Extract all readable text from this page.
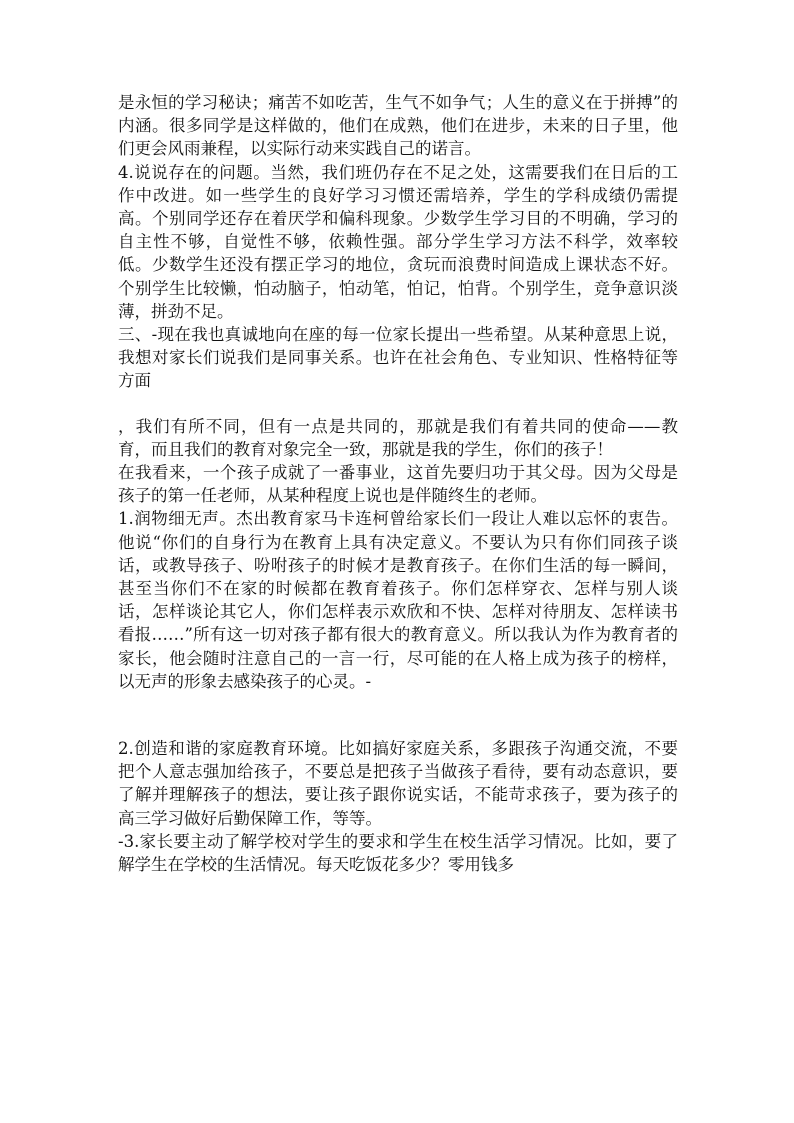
是永恒的学习秘诀；痛苦不如吃苦，生气不如争气；人生的意义在于拼搏”的内涵。很多同学是这样做的，他们在成熟，他们在进步，未来的日子里，他们更会风雨兼程，以实际行动来实践自己的诺言。

4.说说存在的问题。当然，我们班仍存在不足之处，这需要我们在日后的工作中改进。如一些学生的良好学习习惯还需培养，学生的学科成绩仍需提高。个别同学还存在着厌学和偏科现象。少数学生学习目的不明确，学习的自主性不够，自觉性不够，依赖性强。部分学生学习方法不科学，效率较低。少数学生还没有摆正学习的地位，贪玩而浪费时间造成上课状态不好。个别学生比较懒，怕动脑子，怕动笔，怕记，怕背。个别学生，竞争意识淡薄，拼劲不足。

三、-现在我也真诚地向在座的每一位家长提出一些希望。从某种意思上说， 我想对家长们说我们是同事关系。也许在社会角色、专业知识、性格特征等方面

，我们有所不同，但有一点是共同的，那就是我们有着共同的使命——教育，而且我们的教育对象完全一致，那就是我的学生，你们的孩子！

在我看来，一个孩子成就了一番事业，这首先要归功于其父母。因为父母是孩子的第一任老师，从某种程度上说也是伴随终生的老师。

1.润物细无声。杰出教育家马卡连柯曾给家长们一段让人难以忘怀的衷告。他说“你们的自身行为在教育上具有决定意义。不要认为只有你们同孩子谈话，或教导孩子、吩咐孩子的时候才是教育孩子。在你们生活的每一瞬间，甚至当你们不在家的时候都在教育着孩子。你们怎样穿衣、怎样与别人谈话，怎样谈论其它人，你们怎样表示欢欣和不快、怎样对待朋友、怎样读书看报……”所有这一切对孩子都有很大的教育意义。所以我认为作为教育者的家长，他会随时注意自己的一言一行，尽可能的在人格上成为孩子的榜样，以无声的形象去感染孩子的心灵。-

2.创造和谐的家庭教育环境。比如搞好家庭关系，多跟孩子沟通交流，不要把个人意志强加给孩子，不要总是把孩子当做孩子看待，要有动态意识，要了解并理解孩子的想法，要让孩子跟你说实话，不能苛求孩子，要为孩子的高三学习做好后勤保障工作，等等。

-3.家长要主动了解学校对学生的要求和学生在校生活学习情况。比如，要了解学生在学校的生活情况。每天吃饭花多少？零用钱多
